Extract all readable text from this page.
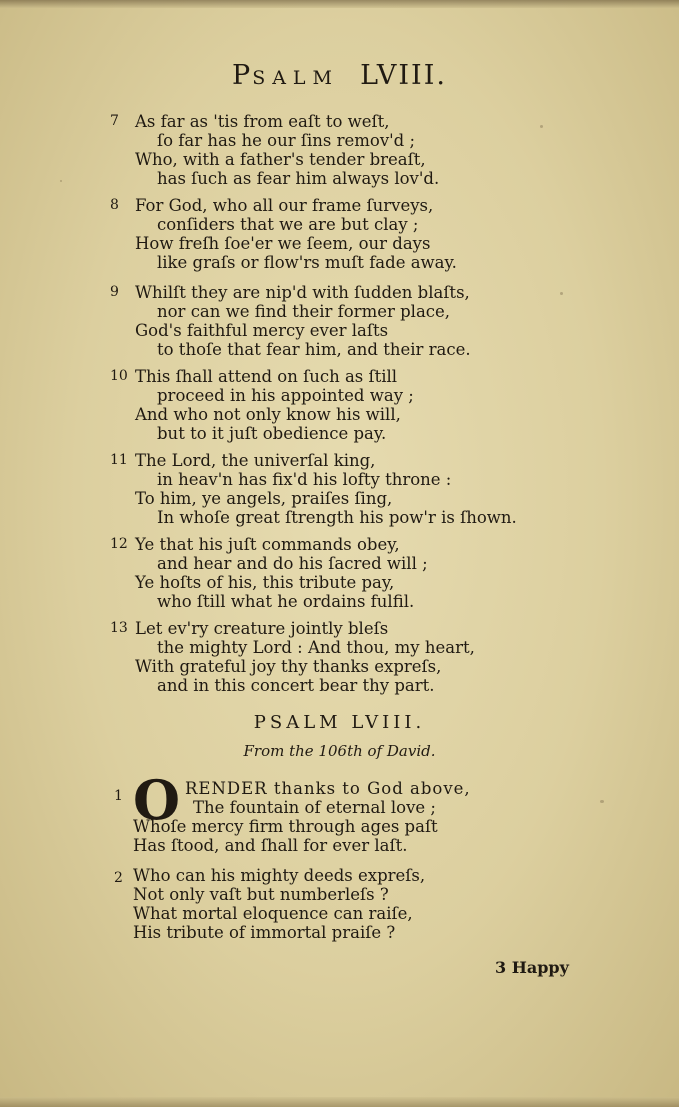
PSALM LVIII.
7 As far as 'tis from eaſt to weſt,
ſo far has he our ſins remov'd ;
Who, with a father's tender breaſt,
has ſuch as fear him always lov'd.
8 For God, who all our frame ſurveys,
conſiders that we are but clay ;
How freſh ſoe'er we ſeem, our days
like graſs or flow'rs muſt fade away.
9 Whilſt they are nip'd with ſudden blaſts,
nor can we find their former place,
God's faithful mercy ever laſts
to thoſe that fear him, and their race.
10 This ſhall attend on ſuch as ſtill
proceed in his appointed way ;
And who not only know his will,
but to it juſt obedience pay.
11 The Lord, the univerſal king,
in heav'n has fix'd his lofty throne :
To him, ye angels, praiſes ſing,
In whoſe great ſtrength his pow'r is ſhown.
12 Ye that his juſt commands obey,
and hear and do his ſacred will ;
Ye hoſts of his, this tribute pay,
who ſtill what he ordains fulfil.
13 Let ev'ry creature jointly bleſs
the mighty Lord : And thou, my heart,
With grateful joy thy thanks expreſs,
and in this concert bear thy part.
PSALM LVIII.
From the 106th of David.
1 O RENDER thanks to God above,
The fountain of eternal love ;
Whoſe mercy firm through ages paſt
Has ſtood, and ſhall for ever laſt.
2 Who can his mighty deeds expreſs,
Not only vaſt but numberleſs ?
What mortal eloquence can raiſe,
His tribute of immortal praiſe ?
3 Happy
